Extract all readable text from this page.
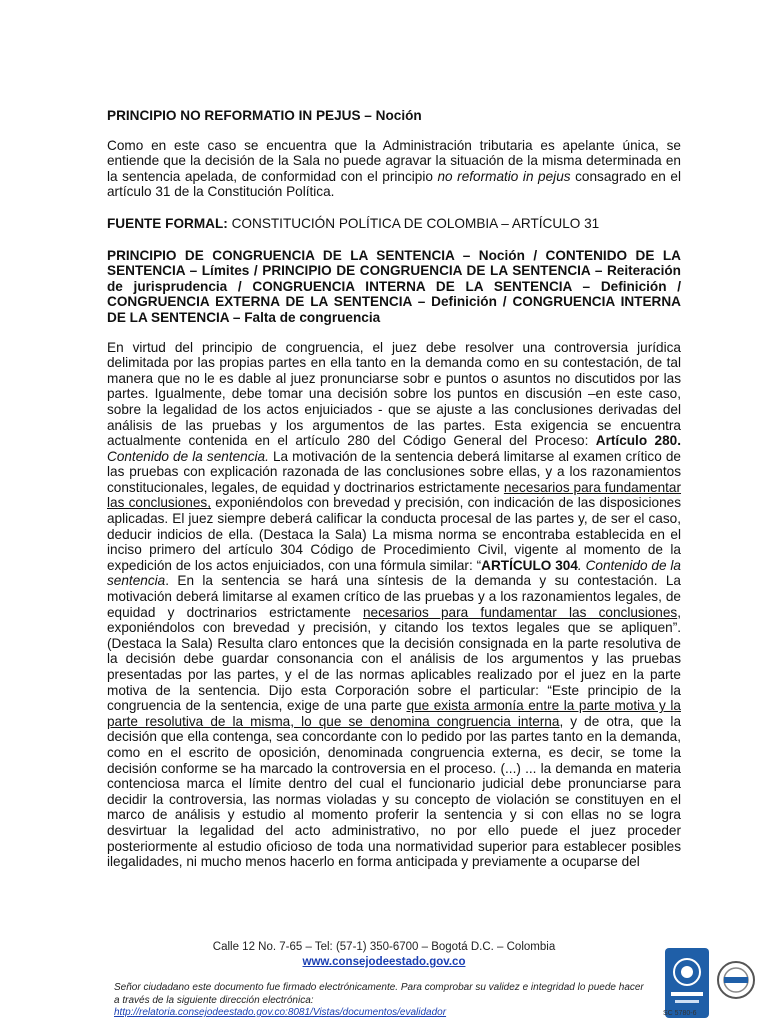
PRINCIPIO NO REFORMATIO IN PEJUS – Noción

Como en este caso se encuentra que la Administración tributaria es apelante única, se entiende que la decisión de la Sala no puede agravar la situación de la misma determinada en la sentencia apelada, de conformidad con el principio no reformatio in pejus consagrado en el artículo 31 de la Constitución Política.

FUENTE FORMAL: CONSTITUCIÓN POLÍTICA DE COLOMBIA – ARTÍCULO 31

PRINCIPIO DE CONGRUENCIA DE LA SENTENCIA – Noción / CONTENIDO DE LA SENTENCIA – Límites / PRINCIPIO DE CONGRUENCIA DE LA SENTENCIA – Reiteración de jurisprudencia / CONGRUENCIA INTERNA DE LA SENTENCIA – Definición / CONGRUENCIA EXTERNA DE LA SENTENCIA – Definición / CONGRUENCIA INTERNA DE LA SENTENCIA – Falta de congruencia

En virtud del principio de congruencia, el juez debe resolver una controversia jurídica delimitada por las propias partes en ella tanto en la demanda como en su contestación, de tal manera que no le es dable al juez pronunciarse sobr e puntos o asuntos no discutidos por las partes. Igualmente, debe tomar una decisión sobre los puntos en discusión –en este caso, sobre la legalidad de los actos enjuiciados - que se ajuste a las conclusiones derivadas del análisis de las pruebas y los argumentos de las partes. Esta exigencia se encuentra actualmente contenida en el artículo 280 del Código General del Proceso: Artículo 280. Contenido de la sentencia. La motivación de la sentencia deberá limitarse al examen crítico de las pruebas con explicación razonada de las conclusiones sobre ellas, y a los razonamientos constitucionales, legales, de equidad y doctrinarios estrictamente necesarios para fundamentar las conclusiones, exponiéndolos con brevedad y precisión, con indicación de las disposiciones aplicadas. El juez siempre deberá calificar la conducta procesal de las partes y, de ser el caso, deducir indicios de ella. (Destaca la Sala) La misma norma se encontraba establecida en el inciso primero del artículo 304 Código de Procedimiento Civil, vigente al momento de la expedición de los actos enjuiciados, con una fórmula similar: “ARTÍCULO 304. Contenido de la sentencia. En la sentencia se hará una síntesis de la demanda y su contestación. La motivación deberá limitarse al examen crítico de las pruebas y a los razonamientos legales, de equidad y doctrinarios estrictamente necesarios para fundamentar las conclusiones, exponiéndolos con brevedad y precisión, y citando los textos legales que se apliquen”. (Destaca la Sala) Resulta claro entonces que la decisión consignada en la parte resolutiva de la decisión debe guardar consonancia con el análisis de los argumentos y las pruebas presentadas por las partes, y el de las normas aplicables realizado por el juez en la parte motiva de la sentencia. Dijo esta Corporación sobre el particular: “Este principio de la congruencia de la sentencia, exige de una parte que exista armonía entre la parte motiva y la parte resolutiva de la misma, lo que se denomina congruencia interna, y de otra, que la decisión que ella contenga, sea concordante con lo pedido por las partes tanto en la demanda, como en el escrito de oposición, denominada congruencia externa, es decir, se tome la decisión conforme se ha marcado la controversia en el proceso. (...) ... la demanda en materia contenciosa marca el límite dentro del cual el funcionario judicial debe pronunciarse para decidir la controversia, las normas violadas y su concepto de violación se constituyen en el marco de análisis y estudio al momento proferir la sentencia y si con ellas no se logra desvirtuar la legalidad del acto administrativo, no por ello puede el juez proceder posteriormente al estudio oficioso de toda una normatividad superior para establecer posibles ilegalidades, ni mucho menos hacerlo en forma anticipada y previamente a ocuparse del

Calle 12 No. 7-65 – Tel: (57-1) 350-6700 – Bogotá D.C. – Colombia
www.consejodeestado.gov.co
Señor ciudadano este documento fue firmado electrónicamente. Para comprobar su validez e integridad lo puede hacer a través de la siguiente dirección electrónica: http://relatoria.consejodeestado.gov.co:8081/Vistas/documentos/evalidador	SC 5780-6
